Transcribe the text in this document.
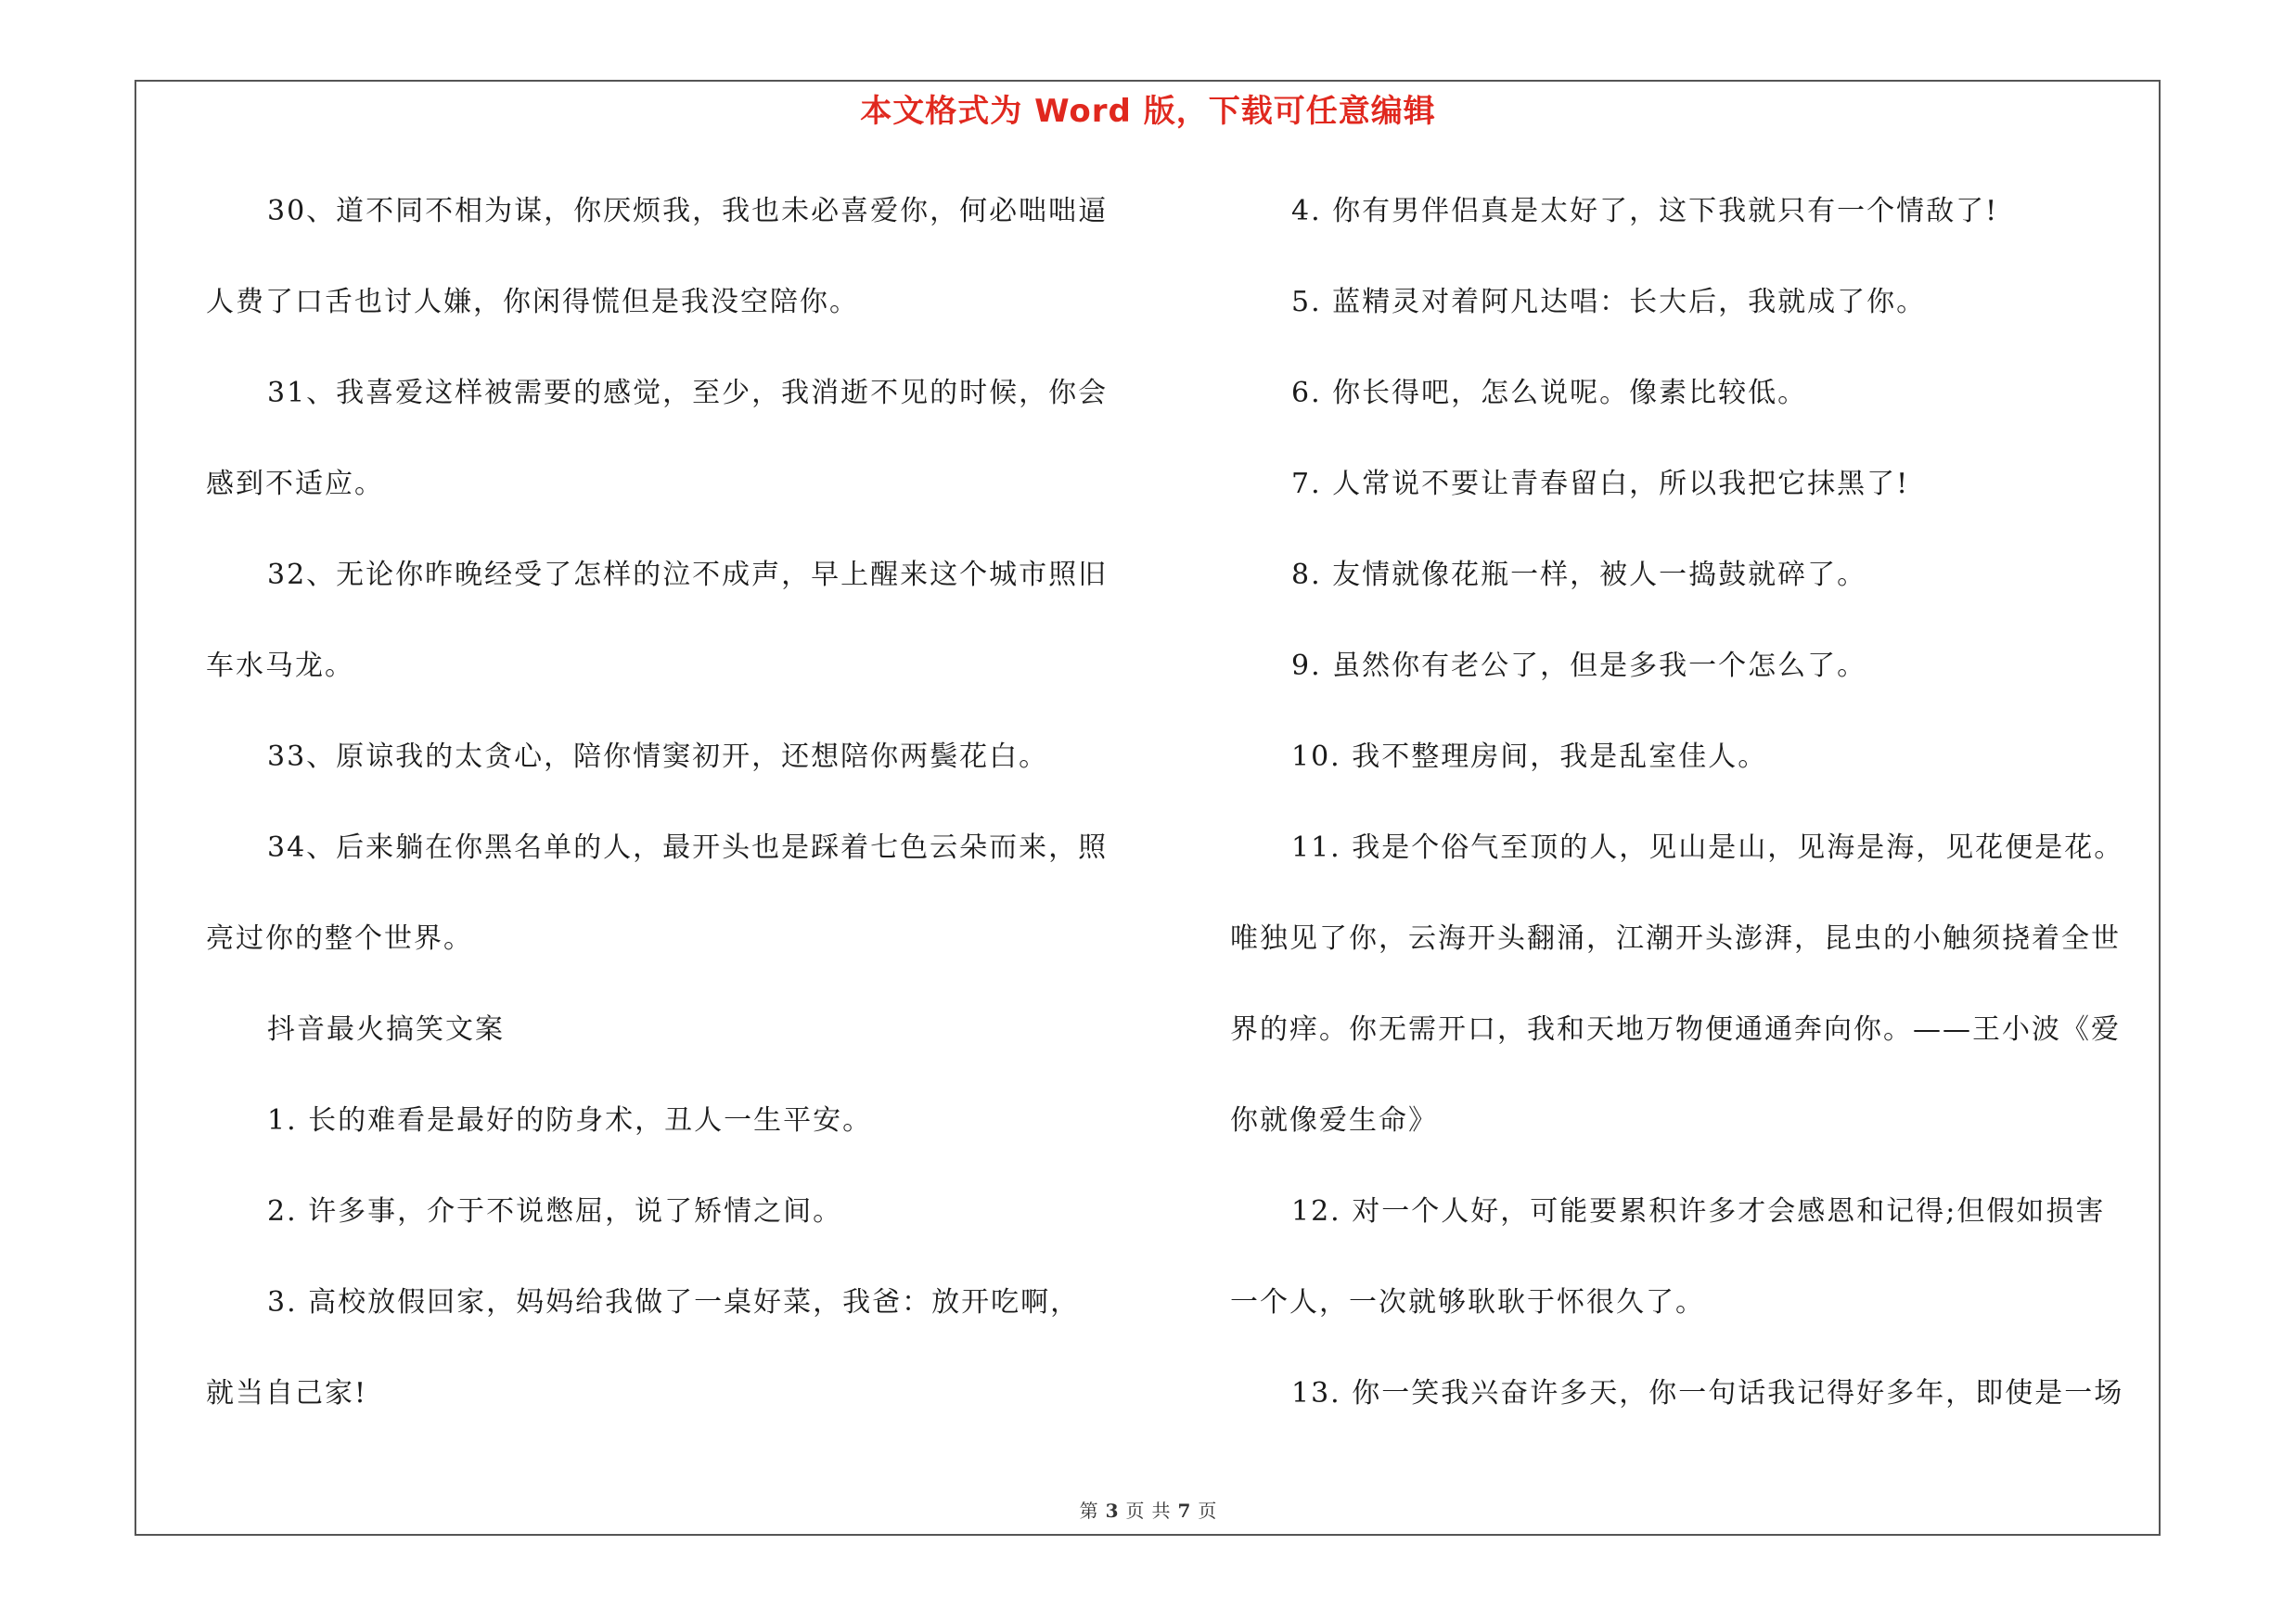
本文格式为 Word 版，下载可任意编辑
30、道不同不相为谋，你厌烦我，我也未必喜爱你，何必咄咄逼
人费了口舌也讨人嫌，你闲得慌但是我没空陪你。
31、我喜爱这样被需要的感觉，至少，我消逝不见的时候，你会
感到不适应。
32、无论你昨晚经受了怎样的泣不成声，早上醒来这个城市照旧
车水马龙。
33、原谅我的太贪心，陪你情窦初开，还想陪你两鬓花白。
34、后来躺在你黑名单的人，最开头也是踩着七色云朵而来，照
亮过你的整个世界。
抖音最火搞笑文案
1. 长的难看是最好的防身术，丑人一生平安。
2. 许多事，介于不说憋屈，说了矫情之间。
3. 高校放假回家，妈妈给我做了一桌好菜，我爸：放开吃啊，
就当自己家!
4. 你有男伴侣真是太好了，这下我就只有一个情敌了!
5. 蓝精灵对着阿凡达唱：长大后，我就成了你。
6. 你长得吧，怎么说呢。像素比较低。
7. 人常说不要让青春留白，所以我把它抹黑了!
8. 友情就像花瓶一样，被人一捣鼓就碎了。
9. 虽然你有老公了，但是多我一个怎么了。
10. 我不整理房间，我是乱室佳人。
11. 我是个俗气至顶的人，见山是山，见海是海，见花便是花。
唯独见了你，云海开头翻涌，江潮开头澎湃，昆虫的小触须挠着全世
界的痒。你无需开口，我和天地万物便通通奔向你。——王小波《爱
你就像爱生命》
12. 对一个人好，可能要累积许多才会感恩和记得;但假如损害
一个人，一次就够耿耿于怀很久了。
13. 你一笑我兴奋许多天，你一句话我记得好多年，即使是一场
第 3 页 共 7 页
